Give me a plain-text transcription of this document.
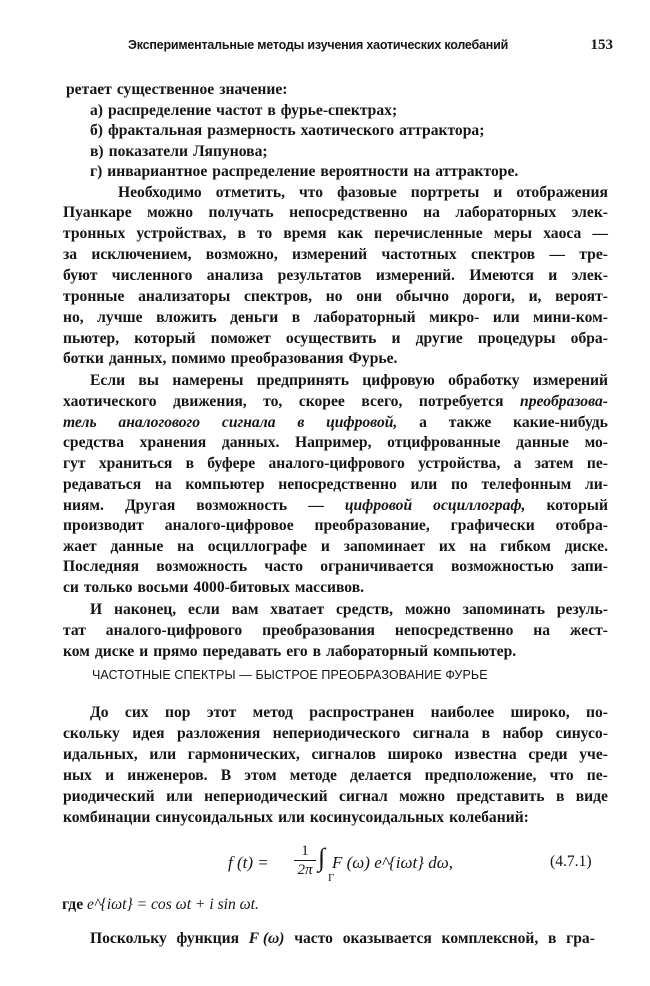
Экспериментальные методы изучения хаотических колебаний	153
ретает существенное значение:
а) распределение частот в фурье-спектрах;
б) фрактальная размерность хаотического аттрактора;
в) показатели Ляпунова;
г) инвариантное распределение вероятности на аттракторе.
Необходимо отметить, что фазовые портреты и отображения
Пуанкаре можно получать непосредственно на лабораторных элек-
тронных устройствах, в то время как перечисленные меры хаоса —
за исключением, возможно, измерений частотных спектров — тре-
буют численного анализа результатов измерений. Имеются и элек-
тронные анализаторы спектров, но они обычно дороги, и, вероят-
но, лучше вложить деньги в лабораторный микро- или мини-ком-
пьютер, который поможет осуществить и другие процедуры обра-
ботки данных, помимо преобразования Фурье.
Если вы намерены предпринять цифровую обработку измерений
хаотического движения, то, скорее всего, потребуется преобразова-
тель аналогового сигнала в цифровой, а также какие-нибудь
средства хранения данных. Например, отцифрованные данные мо-
гут храниться в буфере аналого-цифрового устройства, а затем пе-
редаваться на компьютер непосредственно или по телефонным ли-
ниям. Другая возможность — цифровой осциллограф, который
производит аналого-цифровое преобразование, графически отобра-
жает данные на осциллографе и запоминает их на гибком диске.
Последняя возможность часто ограничивается возможностью запи-
си только восьми 4000-битовых массивов.
И наконец, если вам хватает средств, можно запоминать резуль-
тат аналого-цифрового преобразования непосредственно на жест-
ком диске и прямо передавать его в лабораторный компьютер.
До сих пор этот метод распространен наиболее широко, по-
скольку идея разложения непериодического сигнала в набор синусо-
идальных, или гармонических, сигналов широко известна среди уче-
ных и инженеров. В этом методе делается предположение, что пе-
риодический или непериодический сигнал можно представить в виде
комбинации синусоидальных или косинусоидальных колебаний:
Поскольку функция F (ω) часто оказывается комплексной, в гра-
ЧАСТОТНЫЕ СПЕКТРЫ — БЫСТРОЕ ПРЕОБРАЗОВАНИЕ ФУРЬЕ
f (t) =
1
2π ∫
Γ
F (ω) e^{iωt} dω,	(4.7.1)
где e^{iωt} = cos ωt + i sin ωt.
